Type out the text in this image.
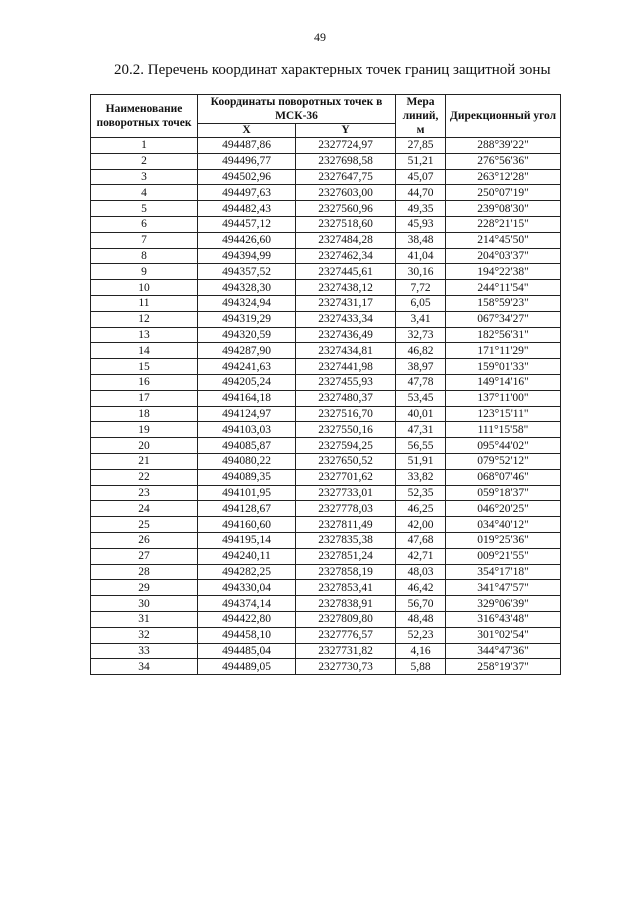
49
20.2. Перечень координат характерных точек границ защитной зоны
Наименование поворотных точек	Координаты поворотных точек в МСК-36		Мера линий, м	Дирекционный угол
	X	Y		
1	494487,86	2327724,97	27,85	288°39'22"
2	494496,77	2327698,58	51,21	276°56'36"
3	494502,96	2327647,75	45,07	263°12'28"
4	494497,63	2327603,00	44,70	250°07'19"
5	494482,43	2327560,96	49,35	239°08'30"
6	494457,12	2327518,60	45,93	228°21'15"
7	494426,60	2327484,28	38,48	214°45'50"
8	494394,99	2327462,34	41,04	204°03'37"
9	494357,52	2327445,61	30,16	194°22'38"
10	494328,30	2327438,12	7,72	244°11'54"
11	494324,94	2327431,17	6,05	158°59'23"
12	494319,29	2327433,34	3,41	067°34'27"
13	494320,59	2327436,49	32,73	182°56'31"
14	494287,90	2327434,81	46,82	171°11'29"
15	494241,63	2327441,98	38,97	159°01'33"
16	494205,24	2327455,93	47,78	149°14'16"
17	494164,18	2327480,37	53,45	137°11'00"
18	494124,97	2327516,70	40,01	123°15'11"
19	494103,03	2327550,16	47,31	111°15'58"
20	494085,87	2327594,25	56,55	095°44'02"
21	494080,22	2327650,52	51,91	079°52'12"
22	494089,35	2327701,62	33,82	068°07'46"
23	494101,95	2327733,01	52,35	059°18'37"
24	494128,67	2327778,03	46,25	046°20'25"
25	494160,60	2327811,49	42,00	034°40'12"
26	494195,14	2327835,38	47,68	019°25'36"
27	494240,11	2327851,24	42,71	009°21'55"
28	494282,25	2327858,19	48,03	354°17'18"
29	494330,04	2327853,41	46,42	341°47'57"
30	494374,14	2327838,91	56,70	329°06'39"
31	494422,80	2327809,80	48,48	316°43'48"
32	494458,10	2327776,57	52,23	301°02'54"
33	494485,04	2327731,82	4,16	344°47'36"
34	494489,05	2327730,73	5,88	258°19'37"
